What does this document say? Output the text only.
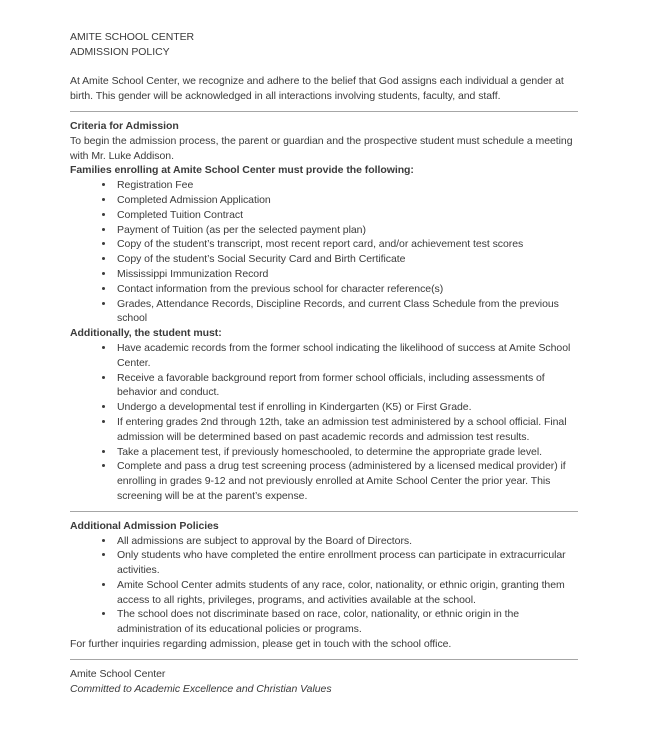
AMITE SCHOOL CENTER

ADMISSION POLICY

At Amite School Center, we recognize and adhere to the belief that God assigns each individual a gender at birth. This gender will be acknowledged in all interactions involving students, faculty, and staff.

Criteria for Admission

To begin the admission process, the parent or guardian and the prospective student must schedule a meeting with Mr. Luke Addison.

Families enrolling at Amite School Center must provide the following:

• Registration Fee
• Completed Admission Application
• Completed Tuition Contract
• Payment of Tuition (as per the selected payment plan)
• Copy of the student’s transcript, most recent report card, and/or achievement test scores
• Copy of the student’s Social Security Card and Birth Certificate
• Mississippi Immunization Record
• Contact information from the previous school for character reference(s)
• Grades, Attendance Records, Discipline Records, and current Class Schedule from the previous school

Additionally, the student must:

• Have academic records from the former school indicating the likelihood of success at Amite School Center.
• Receive a favorable background report from former school officials, including assessments of behavior and conduct.
• Undergo a developmental test if enrolling in Kindergarten (K5) or First Grade.
• If entering grades 2nd through 12th, take an admission test administered by a school official. Final admission will be determined based on past academic records and admission test results.
• Take a placement test, if previously homeschooled, to determine the appropriate grade level.
• Complete and pass a drug test screening process (administered by a licensed medical provider) if enrolling in grades 9-12 and not previously enrolled at Amite School Center the prior year. This screening will be at the parent’s expense.

Additional Admission Policies

• All admissions are subject to approval by the Board of Directors.
• Only students who have completed the entire enrollment process can participate in extracurricular activities.
• Amite School Center admits students of any race, color, nationality, or ethnic origin, granting them access to all rights, privileges, programs, and activities available at the school.
• The school does not discriminate based on race, color, nationality, or ethnic origin in the administration of its educational policies or programs.

For further inquiries regarding admission, please get in touch with the school office.

Amite School Center

Committed to Academic Excellence and Christian Values
